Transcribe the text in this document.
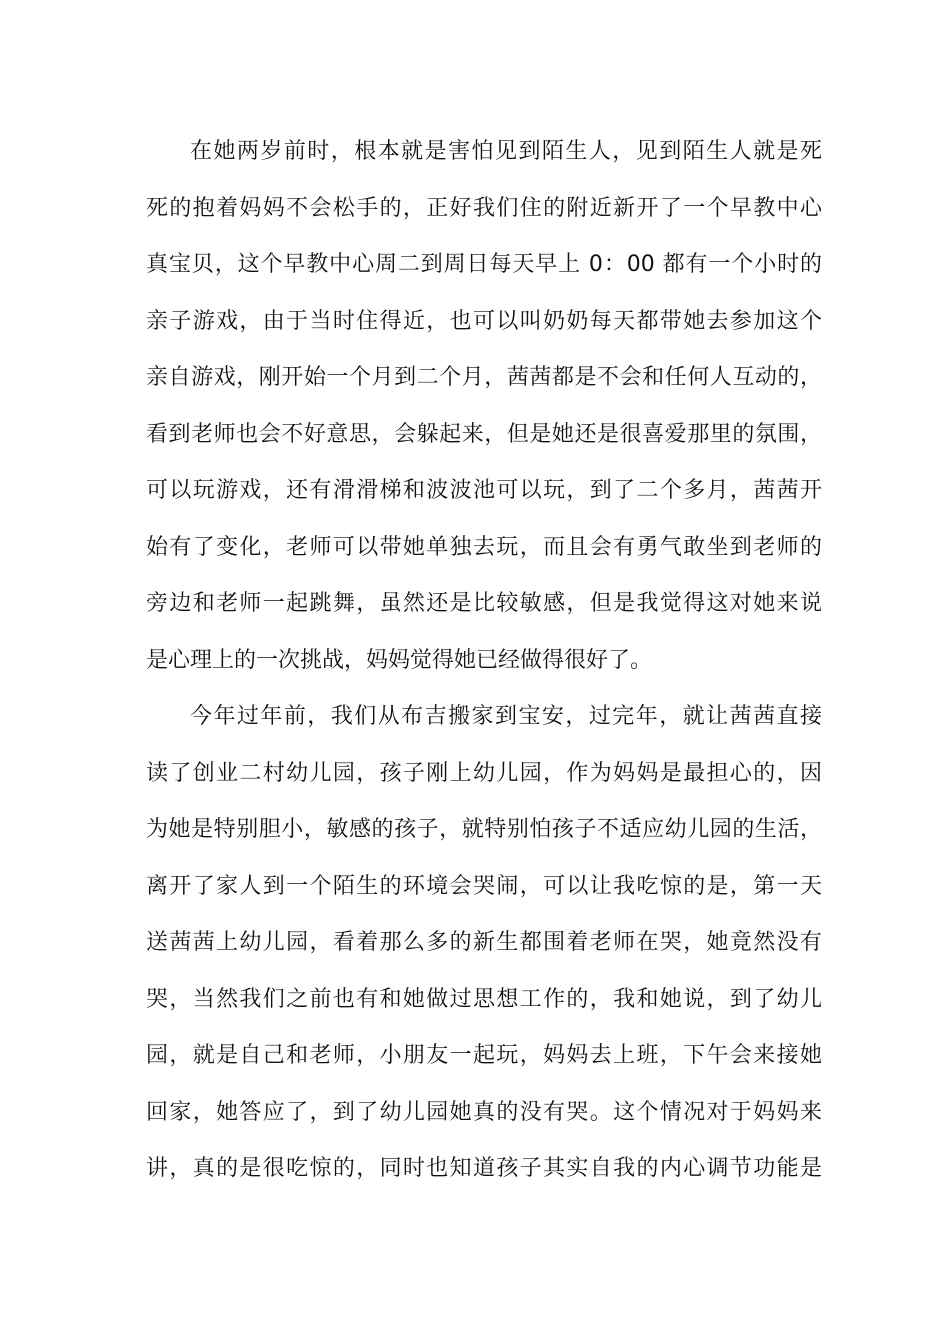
在她两岁前时，根本就是害怕见到陌生人，见到陌生人就是死
死的抱着妈妈不会松手的，正好我们住的附近新开了一个早教中心
真宝贝，这个早教中心周二到周日每天早上 0：00 都有一个小时的
亲子游戏，由于当时住得近，也可以叫奶奶每天都带她去参加这个
亲自游戏，刚开始一个月到二个月，茜茜都是不会和任何人互动的，
看到老师也会不好意思，会躲起来，但是她还是很喜爱那里的氛围，
可以玩游戏，还有滑滑梯和波波池可以玩，到了二个多月，茜茜开
始有了变化，老师可以带她单独去玩，而且会有勇气敢坐到老师的
旁边和老师一起跳舞，虽然还是比较敏感，但是我觉得这对她来说
是心理上的一次挑战，妈妈觉得她已经做得很好了。
今年过年前，我们从布吉搬家到宝安，过完年，就让茜茜直接
读了创业二村幼儿园，孩子刚上幼儿园，作为妈妈是最担心的，因
为她是特别胆小，敏感的孩子，就特别怕孩子不适应幼儿园的生活，
离开了家人到一个陌生的环境会哭闹，可以让我吃惊的是，第一天
送茜茜上幼儿园，看着那么多的新生都围着老师在哭，她竟然没有
哭，当然我们之前也有和她做过思想工作的，我和她说，到了幼儿
园，就是自己和老师，小朋友一起玩，妈妈去上班，下午会来接她
回家，她答应了，到了幼儿园她真的没有哭。这个情况对于妈妈来
讲，真的是很吃惊的，同时也知道孩子其实自我的内心调节功能是
